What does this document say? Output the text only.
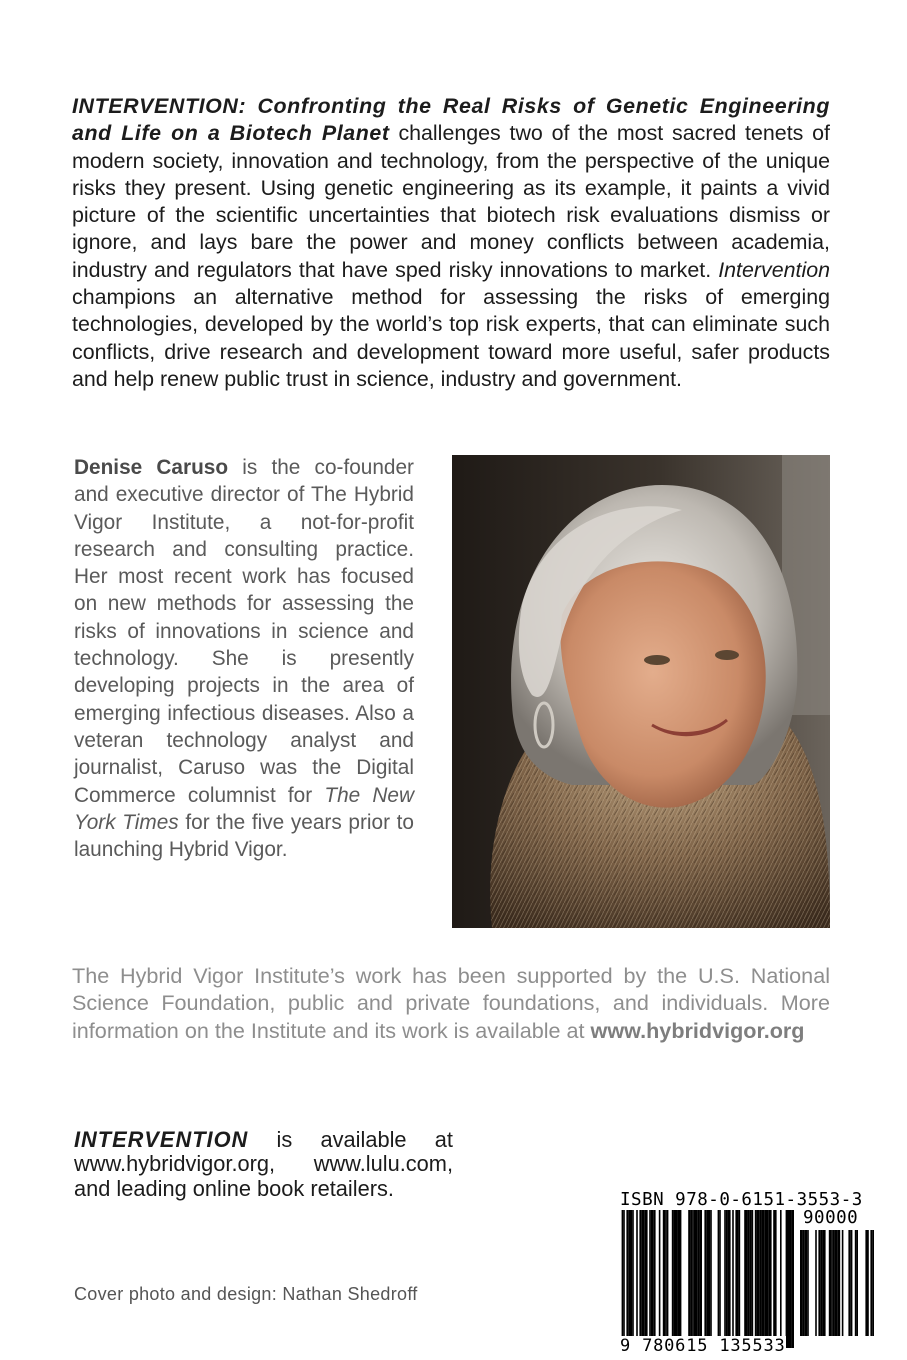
INTERVENTION: Confronting the Real Risks of Genetic Engineering and Life on a Biotech Planet challenges two of the most sacred tenets of modern society, innovation and technology, from the perspective of the unique risks they present. Using genetic engineering as its example, it paints a vivid picture of the scientific uncertainties that biotech risk evaluations dismiss or ignore, and lays bare the power and money conflicts between academia, industry and regulators that have sped risky innovations to market. Intervention champions an alternative method for assessing the risks of emerging technologies, developed by the world’s top risk experts, that can eliminate such conflicts, drive research and development toward more useful, safer products and help renew public trust in science, industry and government.
Denise Caruso is the co-founder and executive director of The Hybrid Vigor Institute, a not-for-profit research and consulting practice. Her most recent work has focused on new methods for assessing the risks of innovations in science and technology. She is presently developing projects in the area of emerging infectious diseases. Also a veteran technology analyst and journalist, Caruso was the Digital Commerce columnist for The New York Times for the five years prior to launching Hybrid Vigor.
The Hybrid Vigor Institute’s work has been supported by the U.S. National Science Foundation, public and private foundations, and individuals. More information on the Institute and its work is available at www.hybridvigor.org
INTERVENTION is available at www.hybridvigor.org, www.lulu.com, and leading online book retailers.
Cover photo and design: Nathan Shedroff
ISBN 978-0-6151-3553-3
90000
9 780615 135533
